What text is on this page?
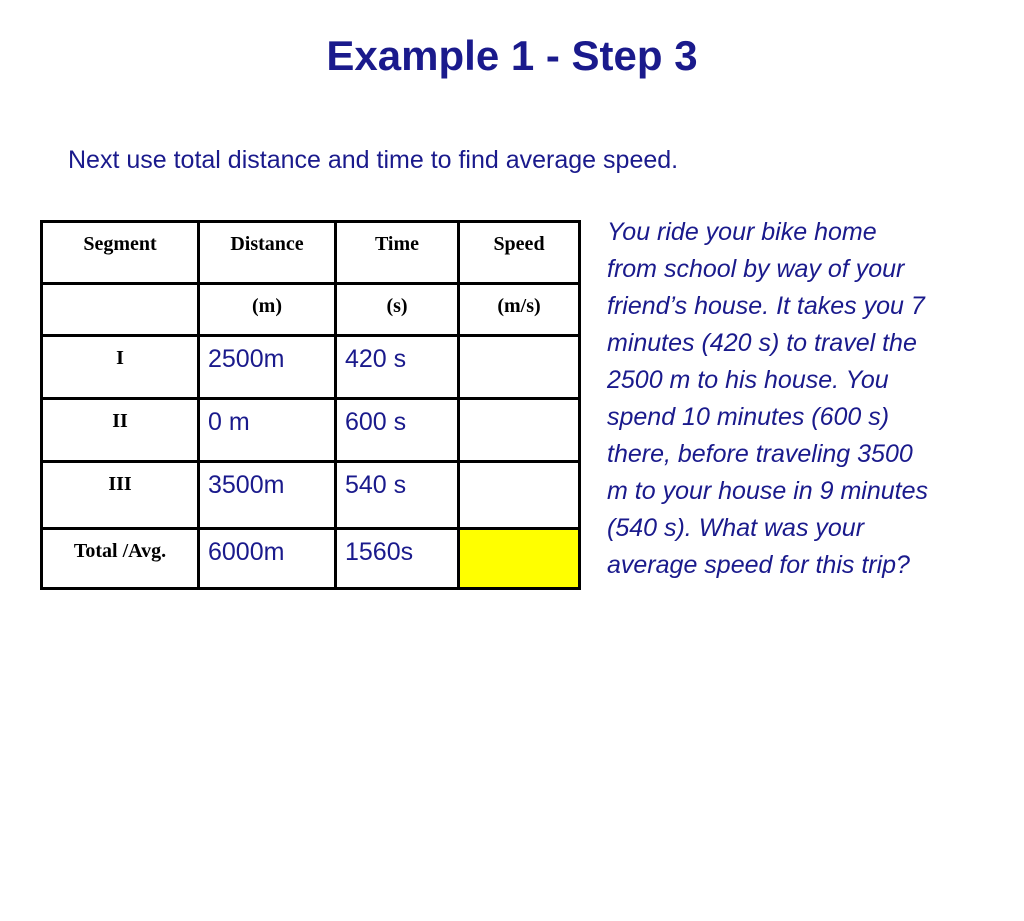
Example 1 - Step 3
Next use total distance and time to find average speed.
Segment	Distance	Time	Speed
	(m)	(s)	(m/s)
I	2500m	420 s	
II	0 m	600 s	
III	3500m	540 s	
Total /Avg.	6000m	1560s	
You ride your bike home
from school by way of your
friend’s house. It takes you 7
minutes (420 s) to travel the
2500 m to his house. You
spend 10 minutes (600 s)
there, before traveling 3500
m to your house in 9 minutes
(540 s). What was your
average speed for this trip?
